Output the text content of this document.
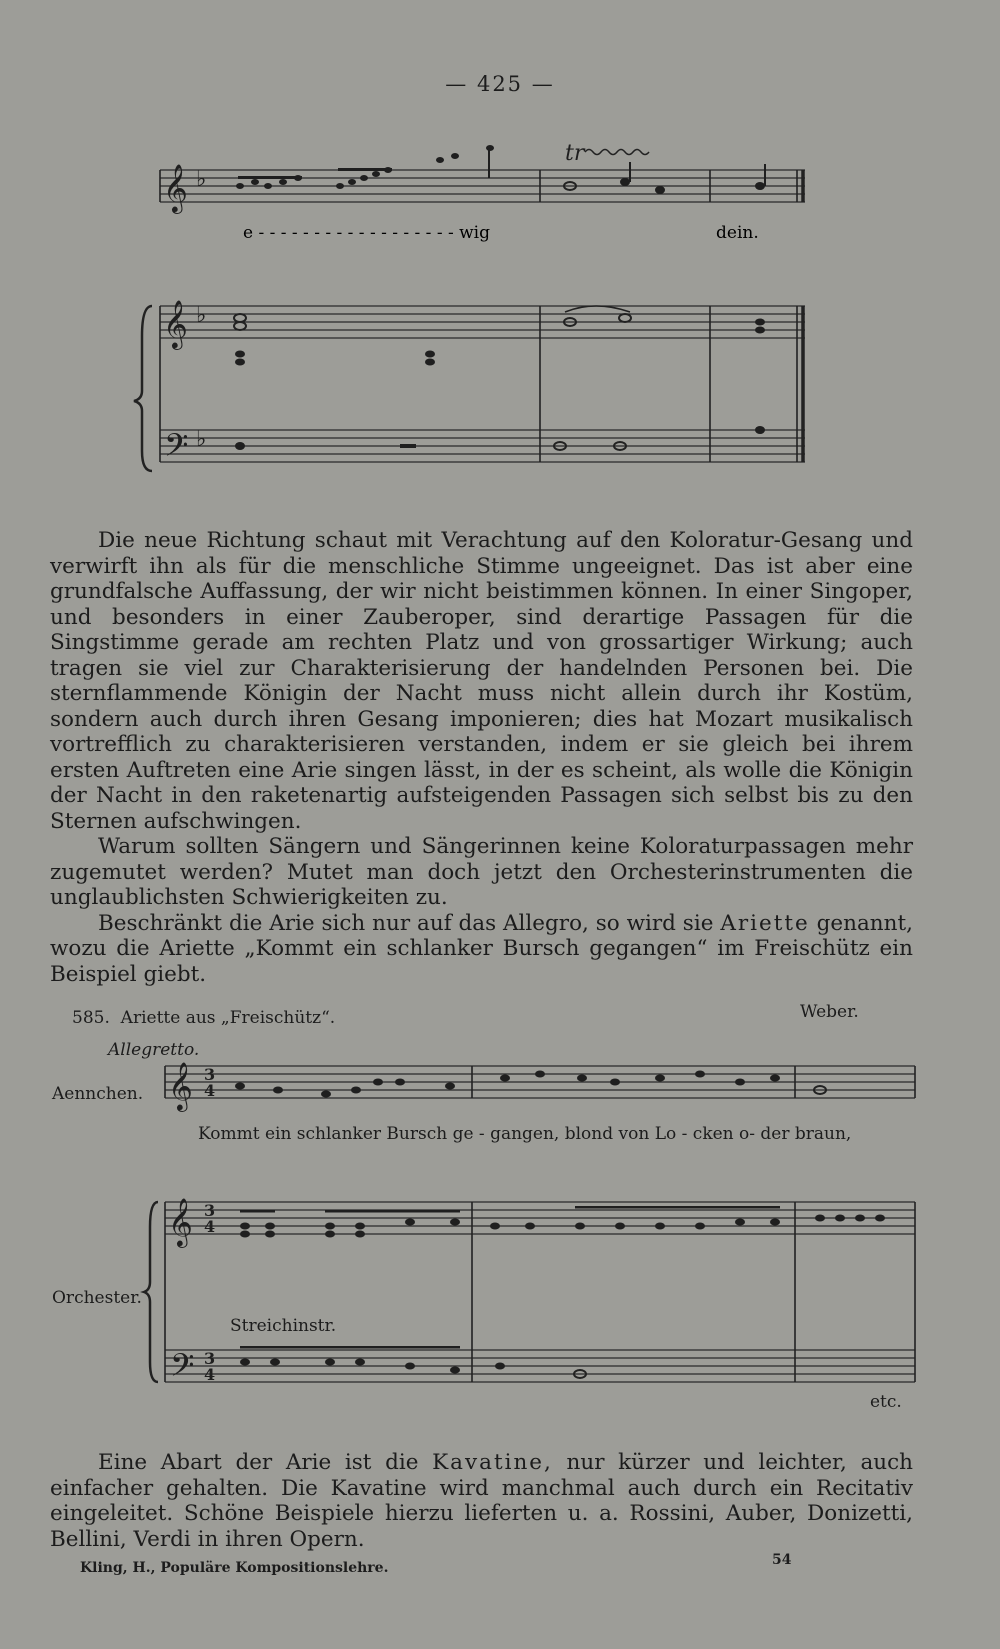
— 425 —
𝄞 ♭
tr
e - - - - - - - - - - - - - - - - - - wig	dein.
𝄞 ♭
𝄢 ♭

Die neue Richtung schaut mit Verachtung auf den Koloratur-Gesang und verwirft ihn als für die menschliche Stimme ungeeignet. Das ist aber eine grundfalsche Auffassung, der wir nicht beistimmen können. In einer Singoper, und besonders in einer Zauberoper, sind derartige Passagen für die Singstimme gerade am rechten Platz und von grossartiger Wirkung; auch tragen sie viel zur Charakterisierung der handelnden Personen bei. Die sternflammende Königin der Nacht muss nicht allein durch ihr Kostüm, sondern auch durch ihren Gesang imponieren; dies hat Mozart musikalisch vortrefflich zu charakterisieren verstanden, indem er sie gleich bei ihrem ersten Auftreten eine Arie singen lässt, in der es scheint, als wolle die Königin der Nacht in den raketenartig aufsteigenden Passagen sich selbst bis zu den Sternen aufschwingen.

Warum sollten Sängern und Sängerinnen keine Koloraturpassagen mehr zugemutet werden? Mutet man doch jetzt den Orchesterinstrumenten die unglaublichsten Schwierigkeiten zu.

Beschränkt die Arie sich nur auf das Allegro, so wird sie Ariette genannt, wozu die Ariette „Kommt ein schlanker Bursch gegangen“ im Freischütz ein Beispiel giebt.

585. Ariette aus „Freischütz“.	Weber.
Allegretto.
Aennchen.
Orchester.
Streichinstr.
etc.
Kommt ein schlanker Bursch ge - gangen, blond von Lo - cken o- der braun,
𝄞 3
4
𝄞 3
4
𝄢 3
4

Eine Abart der Arie ist die Kavatine, nur kürzer und leichter, auch einfacher gehalten. Die Kavatine wird manchmal auch durch ein Recitativ eingeleitet. Schöne Beispiele hierzu lieferten u. a. Rossini, Auber, Donizetti, Bellini, Verdi in ihren Opern.

Kling, H., Populäre Kompositionslehre.	54
